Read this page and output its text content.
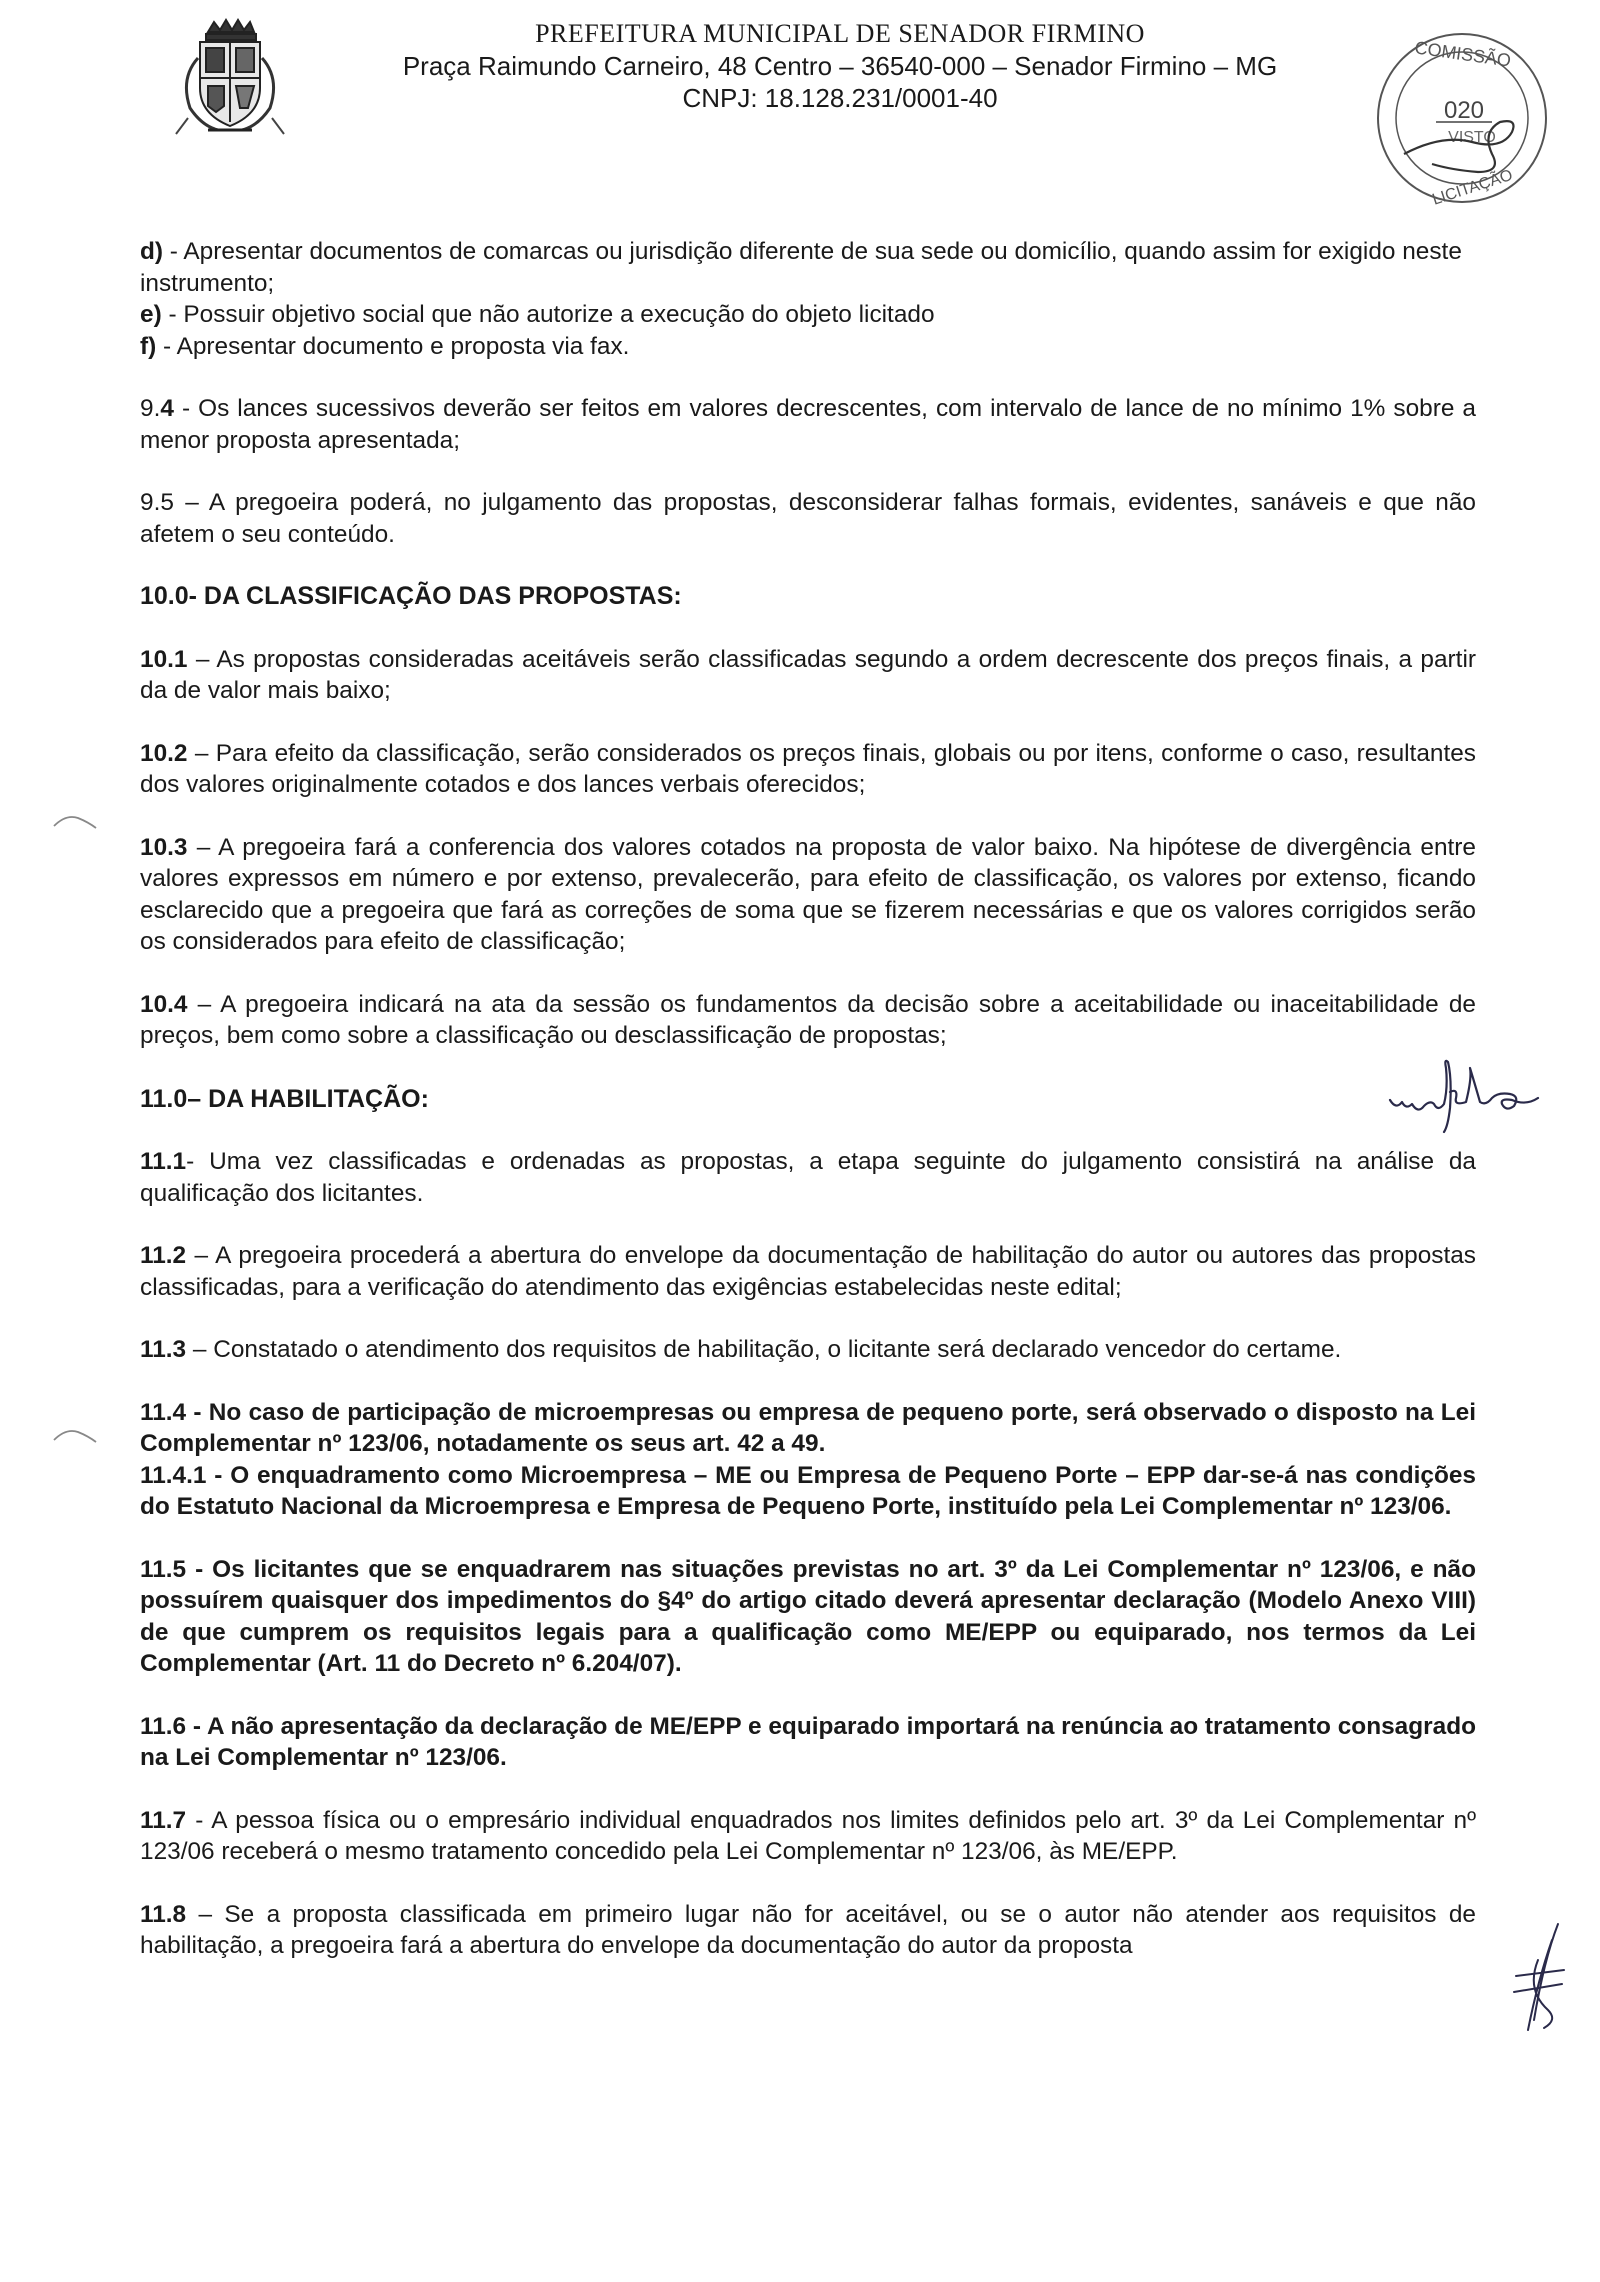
PREFEITURA MUNICIPAL DE SENADOR FIRMINO
Praça Raimundo Carneiro, 48 Centro – 36540-000 – Senador Firmino – MG
CNPJ: 18.128.231/0001-40
COMISSÃO
020
VISTO
LICITAÇÃO

d) - Apresentar documentos de comarcas ou jurisdição diferente de sua sede ou domicílio, quando assim for exigido neste instrumento;

e) - Possuir objetivo social que não autorize a execução do objeto licitado

f) - Apresentar documento e proposta via fax.

9.4 - Os lances sucessivos deverão ser feitos em valores decrescentes, com intervalo de lance de no mínimo 1% sobre a menor proposta apresentada;

9.5 – A pregoeira poderá, no julgamento das propostas, desconsiderar falhas formais, evidentes, sanáveis e que não afetem o seu conteúdo.

10.0- DA CLASSIFICAÇÃO DAS PROPOSTAS:

10.1 – As propostas consideradas aceitáveis serão classificadas segundo a ordem decrescente dos preços finais, a partir da de valor mais baixo;

10.2 – Para efeito da classificação, serão considerados os preços finais, globais ou por itens, conforme o caso, resultantes dos valores originalmente cotados e dos lances verbais oferecidos;

10.3 – A pregoeira fará a conferencia dos valores cotados na proposta de valor baixo. Na hipótese de divergência entre valores expressos em número e por extenso, prevalecerão, para efeito de classificação, os valores por extenso, ficando esclarecido que a pregoeira que fará as correções de soma que se fizerem necessárias e que os valores corrigidos serão os considerados para efeito de classificação;

10.4 – A pregoeira indicará na ata da sessão os fundamentos da decisão sobre a aceitabilidade ou inaceitabilidade de preços, bem como sobre a classificação ou desclassificação de propostas;

11.0– DA HABILITAÇÃO:

11.1- Uma vez classificadas e ordenadas as propostas, a etapa seguinte do julgamento consistirá na análise da qualificação dos licitantes.

11.2 – A pregoeira procederá a abertura do envelope da documentação de habilitação do autor ou autores das propostas classificadas, para a verificação do atendimento das exigências estabelecidas neste edital;

11.3 – Constatado o atendimento dos requisitos de habilitação, o licitante será declarado vencedor do certame.

11.4 - No caso de participação de microempresas ou empresa de pequeno porte, será observado o disposto na Lei Complementar nº 123/06, notadamente os seus art. 42 a 49.

11.4.1 - O enquadramento como Microempresa – ME ou Empresa de Pequeno Porte – EPP dar-se-á nas condições do Estatuto Nacional da Microempresa e Empresa de Pequeno Porte, instituído pela Lei Complementar nº 123/06.

11.5 - Os licitantes que se enquadrarem nas situações previstas no art. 3º da Lei Complementar nº 123/06, e não possuírem quaisquer dos impedimentos do §4º do artigo citado deverá apresentar declaração (Modelo Anexo VIII) de que cumprem os requisitos legais para a qualificação como ME/EPP ou equiparado, nos termos da Lei Complementar (Art. 11 do Decreto nº 6.204/07).

11.6 - A não apresentação da declaração de ME/EPP e equiparado importará na renúncia ao tratamento consagrado na Lei Complementar nº 123/06.

11.7 - A pessoa física ou o empresário individual enquadrados nos limites definidos pelo art. 3º da Lei Complementar nº 123/06 receberá o mesmo tratamento concedido pela Lei Complementar nº 123/06, às ME/EPP.

11.8 – Se a proposta classificada em primeiro lugar não for aceitável, ou se o autor não atender aos requisitos de habilitação, a pregoeira fará a abertura do envelope da documentação do autor da proposta
